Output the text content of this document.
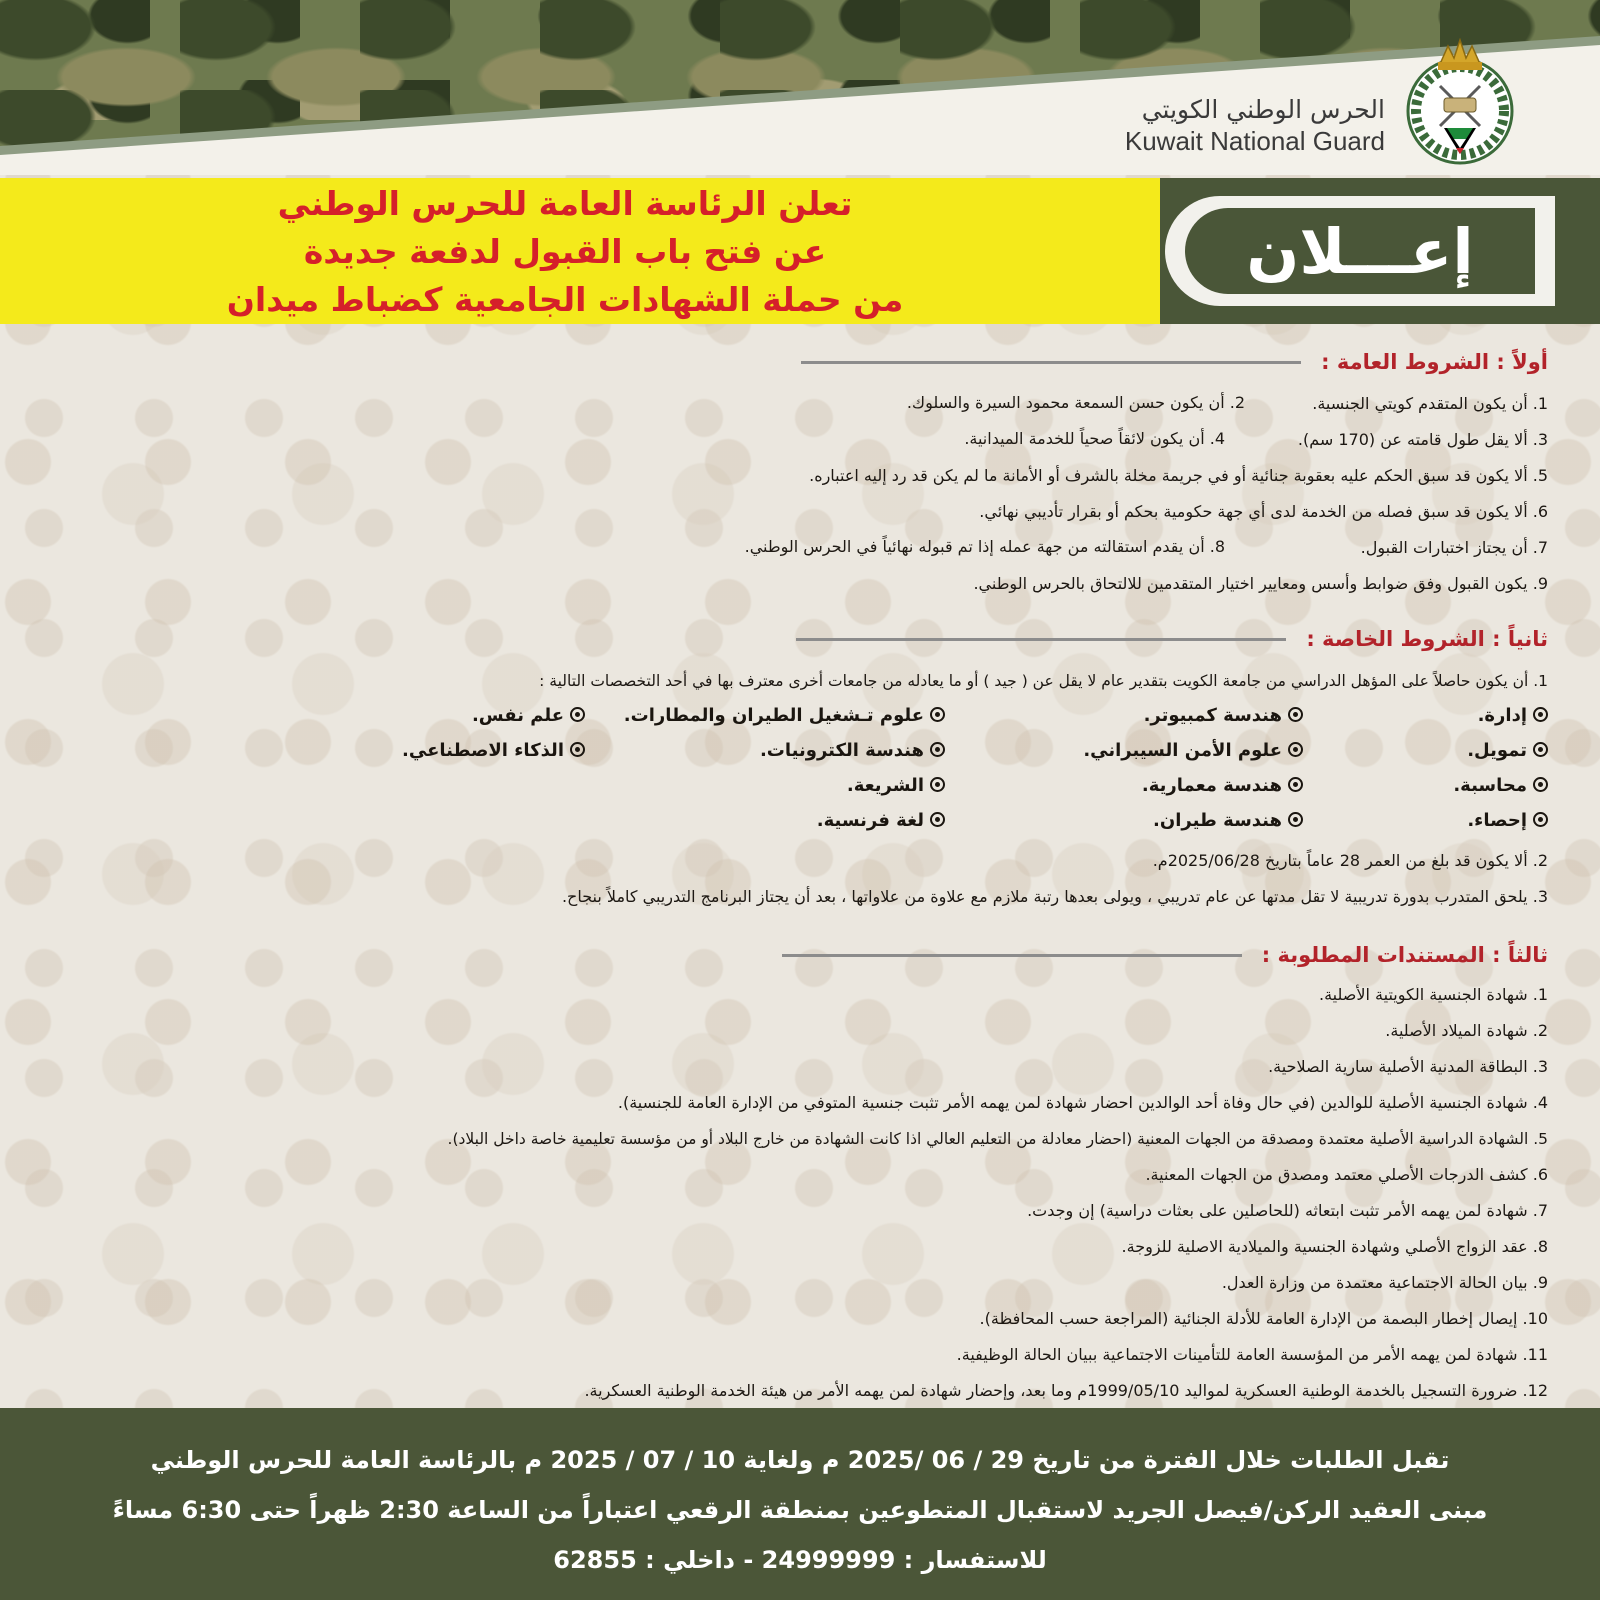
الحرس الوطني الكويتي
Kuwait National Guard
تعلن الرئاسة العامة للحرس الوطني
عن فتح باب القبول لدفعة جديدة
من حملة الشهادات الجامعية كضباط ميدان
إعـــلان
أولاً : الشروط العامة :
1. أن يكون المتقدم كويتي الجنسية.
2. أن يكون حسن السمعة محمود السيرة والسلوك.
3. ألا يقل طول قامته عن (170 سم).
4. أن يكون لائقاً صحياً للخدمة الميدانية.
5. ألا يكون قد سبق الحكم عليه بعقوبة جنائية أو في جريمة مخلة بالشرف أو الأمانة ما لم يكن قد رد إليه اعتباره.
6. ألا يكون قد سبق فصله من الخدمة لدى أي جهة حكومية بحكم أو بقرار تأديبي نهائي.
7. أن يجتاز اختبارات القبول.
8. أن يقدم استقالته من جهة عمله إذا تم قبوله نهائياً في الحرس الوطني.
9. يكون القبول وفق ضوابط وأسس ومعايير اختيار المتقدمين للالتحاق بالحرس الوطني.
ثانياً : الشروط الخاصة :
1. أن يكون حاصلاً على المؤهل الدراسي من جامعة الكويت بتقدير عام لا يقل عن ( جيد ) أو ما يعادله من جامعات أخرى معترف بها في أحد التخصصات التالية :
إدارة.
هندسة كمبيوتر.
علوم تـشغيل الطيران والمطارات.
علم نفس.
تمويل.
علوم الأمن السيبراني.
هندسة الكترونيات.
الذكاء الاصطناعي.
محاسبة.
هندسة معمارية.
الشريعة.
إحصاء.
هندسة طيران.
لغة فرنسية.
2. ألا يكون قد بلغ من العمر 28 عاماً بتاريخ 2025/06/28م.
3. يلحق المتدرب بدورة تدريبية لا تقل مدتها عن عام تدريبي ، ويولى بعدها رتبة ملازم مع علاوة من علاواتها ، بعد أن يجتاز البرنامج التدريبي كاملاً بنجاح.
ثالثاً : المستندات المطلوبة :
1. شهادة الجنسية الكويتية الأصلية.
2. شهادة الميلاد الأصلية.
3. البطاقة المدنية الأصلية سارية الصلاحية.
4. شهادة الجنسية الأصلية للوالدين (في حال وفاة أحد الوالدين احضار شهادة لمن يهمه الأمر تثبت جنسية المتوفي من الإدارة العامة للجنسية).
5. الشهادة الدراسية الأصلية معتمدة ومصدقة من الجهات المعنية (احضار معادلة من التعليم العالي اذا كانت الشهادة من خارج البلاد أو من مؤسسة تعليمية خاصة داخل البلاد).
6. كشف الدرجات الأصلي معتمد ومصدق من الجهات المعنية.
7. شهادة لمن يهمه الأمر تثبت ابتعاثه (للحاصلين على بعثات دراسية) إن وجدت.
8. عقد الزواج الأصلي وشهادة الجنسية والميلادية الاصلية للزوجة.
9. بيان الحالة الاجتماعية معتمدة من وزارة العدل.
10. إيصال إخطار البصمة من الإدارة العامة للأدلة الجنائية (المراجعة حسب المحافظة).
11. شهادة لمن يهمه الأمر من المؤسسة العامة للتأمينات الاجتماعية ببيان الحالة الوظيفية.
12. ضرورة التسجيل بالخدمة الوطنية العسكرية لمواليد 1999/05/10م وما بعد، وإحضار شهادة لمن يهمه الأمر من هيئة الخدمة الوطنية العسكرية.
تقبل الطلبات خلال الفترة من تاريخ 29 / 06 /2025 م ولغاية 10 / 07 / 2025 م بالرئاسة العامة للحرس الوطني
مبنى العقيد الركن/فيصل الجريد لاستقبال المتطوعين بمنطقة الرقعي اعتباراً من الساعة 2:30 ظهراً حتى 6:30 مساءً
للاستفسار : 24999999 - داخلي : 62855
